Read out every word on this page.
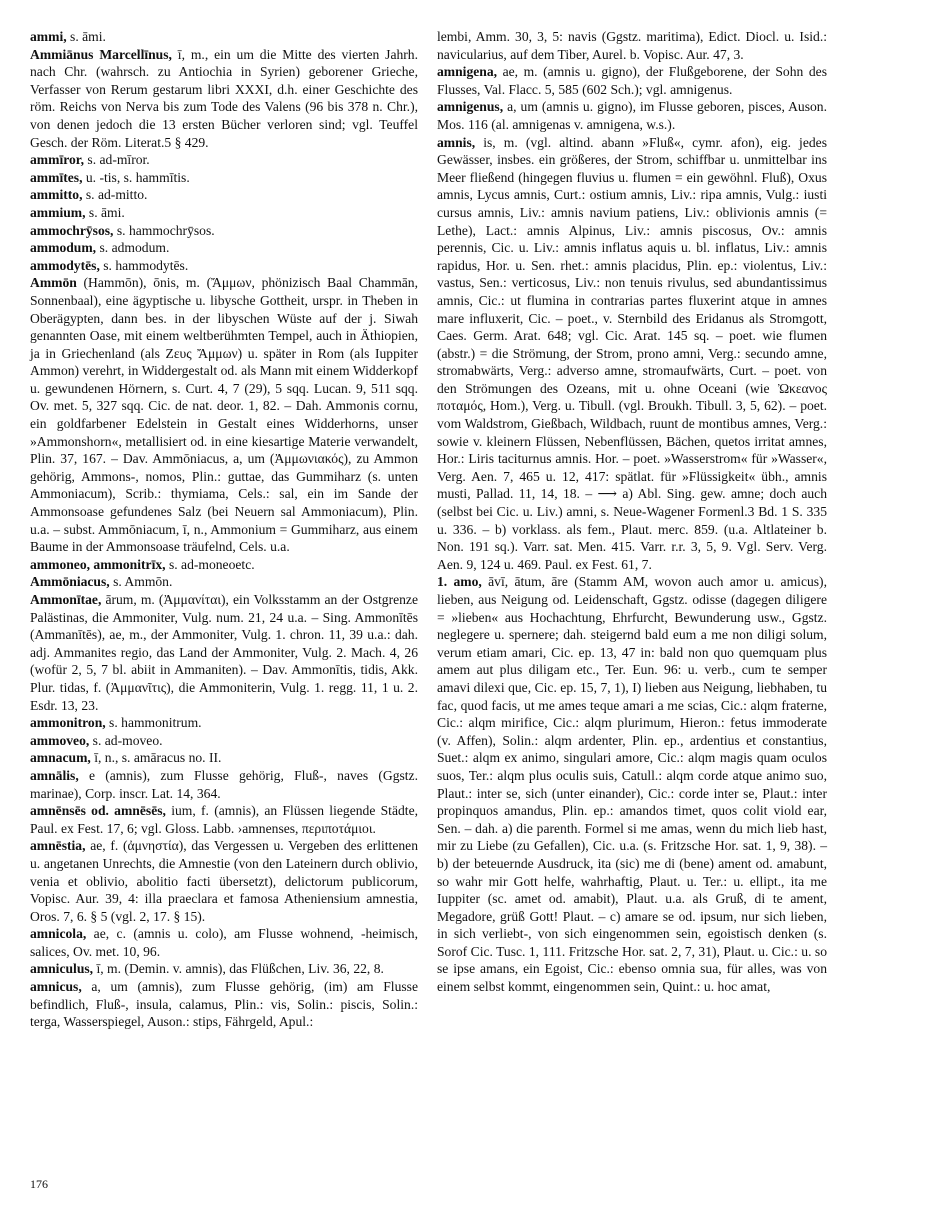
ammi, s. āmi.

Ammiānus Marcellīnus, ī, m., ein um die Mitte des vierten Jahrh. nach Chr. (wahrsch. zu Antiochia in Syrien) geborener Grieche, Verfasser von Rerum gestarum libri XXXI, d.h. einer Geschichte des röm. Reichs von Nerva bis zum Tode des Valens (96 bis 378 n. Chr.), von denen jedoch die 13 ersten Bücher verloren sind; vgl. Teuffel Gesch. der Röm. Literat.5 § 429.

ammīror, s. ad-mīror.

ammītes, u. -tis, s. hammītis.

ammitto, s. ad-mitto.

ammium, s. āmi.

ammochrȳsos, s. hammochrȳsos.

ammodum, s. admodum.

ammodytēs, s. hammodytēs.

Ammōn (Hammōn), ōnis, m. (Ἄμμων, phönizisch Baal Chammān, Sonnenbaal), eine ägyptische u. libysche Gottheit, urspr. in Theben in Oberägypten, dann bes. in der libyschen Wüste auf der j. Siwah genannten Oase, mit einem weltberühmten Tempel, auch in Äthiopien, ja in Griechenland (als Ζευς Ἄμμων) u. später in Rom (als Iuppiter Ammon) verehrt, in Widdergestalt od. als Mann mit einem Widderkopf u. gewundenen Hörnern, s. Curt. 4, 7 (29), 5 sqq. Lucan. 9, 511 sqq. Ov. met. 5, 327 sqq. Cic. de nat. deor. 1, 82. – Dah. Ammonis cornu, ein goldfarbener Edelstein in Gestalt eines Widderhorns, unser »Ammonshorn«, metallisiert od. in eine kiesartige Materie verwandelt, Plin. 37, 167. – Dav. Ammōniacus, a, um (Ἀμμωνιακός), zu Ammon gehörig, Ammons-, nomos, Plin.: guttae, das Gummiharz (s. unten Ammoniacum), Scrib.: thymiama, Cels.: sal, ein im Sande der Ammonsoase gefundenes Salz (bei Neuern sal Ammoniacum), Plin. u.a. – subst. Ammōniacum, ī, n., Ammonium = Gummiharz, aus einem Baume in der Ammonsoase träufelnd, Cels. u.a.

ammoneo, ammonitrīx, s. ad-moneoetc.

Ammōniacus, s. Ammōn.

Ammonītae, ārum, m. (Ἀμμανίται), ein Volksstamm an der Ostgrenze Palästinas, die Ammoniter, Vulg. num. 21, 24 u.a. – Sing. Ammonītēs (Ammanītēs), ae, m., der Ammoniter, Vulg. 1. chron. 11, 39 u.a.: dah. adj. Ammanites regio, das Land der Ammoniter, Vulg. 2. Mach. 4, 26 (wofür 2, 5, 7 bl. abiit in Ammaniten). – Dav. Ammonītis, tidis, Akk. Plur. tidas, f. (Ἀμμανῖτις), die Ammoniterin, Vulg. 1. regg. 11, 1 u. 2. Esdr. 13, 23.

ammonitron, s. hammonitrum.

ammoveo, s. ad-moveo.

amnacum, ī, n., s. amāracus no. II.

amnālis, e (amnis), zum Flusse gehörig, Fluß-, naves (Ggstz. marinae), Corp. inscr. Lat. 14, 364.

amnēnsēs od. amnēsēs, ium, f. (amnis), an Flüssen liegende Städte, Paul. ex Fest. 17, 6; vgl. Gloss. Labb. ›amnenses, περιποτάμιοι.

amnēstia, ae, f. (ἀμνηστία), das Vergessen u. Vergeben des erlittenen u. angetanen Unrechts, die Amnestie (von den Lateinern durch oblivio, venia et oblivio, abolitio facti übersetzt), delictorum publicorum, Vopisc. Aur. 39, 4: illa praeclara et famosa Atheniensium amnestia, Oros. 7, 6. § 5 (vgl. 2, 17. § 15).

amnicola, ae, c. (amnis u. colo), am Flusse wohnend, -heimisch, salices, Ov. met. 10, 96.

amniculus, ī, m. (Demin. v. amnis), das Flüßchen, Liv. 36, 22, 8.

amnicus, a, um (amnis), zum Flusse gehörig, (im) am Flusse befindlich, Fluß-, insula, calamus, Plin.: vis, Solin.: piscis, Solin.: terga, Wasserspiegel, Auson.: stips, Fährgeld, Apul.:

lembi, Amm. 30, 3, 5: navis (Ggstz. maritima), Edict. Diocl. u. Isid.: navicularius, auf dem Tiber, Aurel. b. Vopisc. Aur. 47, 3.

amnigena, ae, m. (amnis u. gigno), der Flußgeborene, der Sohn des Flusses, Val. Flacc. 5, 585 (602 Sch.); vgl. amnigenus.

amnigenus, a, um (amnis u. gigno), im Flusse geboren, pisces, Auson. Mos. 116 (al. amnigenas v. amnigena, w.s.).

amnis, is, m. (vgl. altind. abann »Fluß«, cymr. afon), eig. jedes Gewässer, insbes. ein größeres, der Strom, schiffbar u. unmittelbar ins Meer fließend (hingegen fluvius u. flumen = ein gewöhnl. Fluß), Oxus amnis, Lycus amnis, Curt.: ostium amnis, Liv.: ripa amnis, Vulg.: iusti cursus amnis, Liv.: amnis navium patiens, Liv.: oblivionis amnis (= Lethe), Lact.: amnis Alpinus, Liv.: amnis piscosus, Ov.: amnis perennis, Cic. u. Liv.: amnis inflatus aquis u. bl. inflatus, Liv.: amnis rapidus, Hor. u. Sen. rhet.: amnis placidus, Plin. ep.: violentus, Liv.: vastus, Sen.: verticosus, Liv.: non tenuis rivulus, sed abundantissimus amnis, Cic.: ut flumina in contrarias partes fluxerint atque in amnes mare influxerit, Cic. – poet., v. Sternbild des Eridanus als Stromgott, Caes. Germ. Arat. 648; vgl. Cic. Arat. 145 sq. – poet. wie flumen (abstr.) = die Strömung, der Strom, prono amni, Verg.: secundo amne, stromabwärts, Verg.: adverso amne, stromaufwärts, Curt. – poet. von den Strömungen des Ozeans, mit u. ohne Oceani (wie Ὠκεανος ποταμός, Hom.), Verg. u. Tibull. (vgl. Broukh. Tibull. 3, 5, 62). – poet. vom Waldstrom, Gießbach, Wildbach, ruunt de montibus amnes, Verg.: sowie v. kleinern Flüssen, Nebenflüssen, Bächen, quetos irritat amnes, Hor.: Liris taciturnus amnis. Hor. – poet. »Wasserstrom« für »Wasser«, Verg. Aen. 7, 465 u. 12, 417: spätlat. für »Flüssigkeit« übh., amnis musti, Pallad. 11, 14, 18. – ⟶ a) Abl. Sing. gew. amne; doch auch (selbst bei Cic. u. Liv.) amni, s. Neue-Wagener Formenl.3 Bd. 1 S. 335 u. 336. – b) vorklass. als fem., Plaut. merc. 859. (u.a. Altlateiner b. Non. 191 sq.). Varr. sat. Men. 415. Varr. r.r. 3, 5, 9. Vgl. Serv. Verg. Aen. 9, 124 u. 469. Paul. ex Fest. 61, 7.

1. amo, āvī, ātum, āre (Stamm AM, wovon auch amor u. amicus), lieben, aus Neigung od. Leidenschaft, Ggstz. odisse (dagegen diligere = »lieben« aus Hochachtung, Ehrfurcht, Bewunderung usw., Ggstz. neglegere u. spernere; dah. steigernd bald eum a me non diligi solum, verum etiam amari, Cic. ep. 13, 47 in: bald non quo quemquam plus amem aut plus diligam etc., Ter. Eun. 96: u. verb., cum te semper amavi dilexi que, Cic. ep. 15, 7, 1), I) lieben aus Neigung, liebhaben, tu fac, quod facis, ut me ames teque amari a me scias, Cic.: alqm fraterne, Cic.: alqm mirifice, Cic.: alqm plurimum, Hieron.: fetus immoderate (v. Affen), Solin.: alqm ardenter, Plin. ep., ardentius et constantius, Suet.: alqm ex animo, singulari amore, Cic.: alqm magis quam oculos suos, Ter.: alqm plus oculis suis, Catull.: alqm corde atque animo suo, Plaut.: inter se, sich (unter einander), Cic.: corde inter se, Plaut.: inter propinquos amandus, Plin. ep.: amandos timet, quos colit viold ear, Sen. – dah. a) die parenth. Formel si me amas, wenn du mich lieb hast, mir zu Liebe (zu Gefallen), Cic. u.a. (s. Fritzsche Hor. sat. 1, 9, 38). – b) der beteuernde Ausdruck, ita (sic) me di (bene) ament od. amabunt, so wahr mir Gott helfe, wahrhaftig, Plaut. u. Ter.: u. ellipt., ita me Iuppiter (sc. amet od. amabit), Plaut. u.a. als Gruß, di te ament, Megadore, grüß Gott! Plaut. – c) amare se od. ipsum, nur sich lieben, in sich verliebt-, von sich eingenommen sein, egoistisch denken (s. Sorof Cic. Tusc. 1, 111. Fritzsche Hor. sat. 2, 7, 31), Plaut. u. Cic.: u. so se ipse amans, ein Egoist, Cic.: ebenso omnia sua, für alles, was von einem selbst kommt, eingenommen sein, Quint.: u. hoc amat,

176
